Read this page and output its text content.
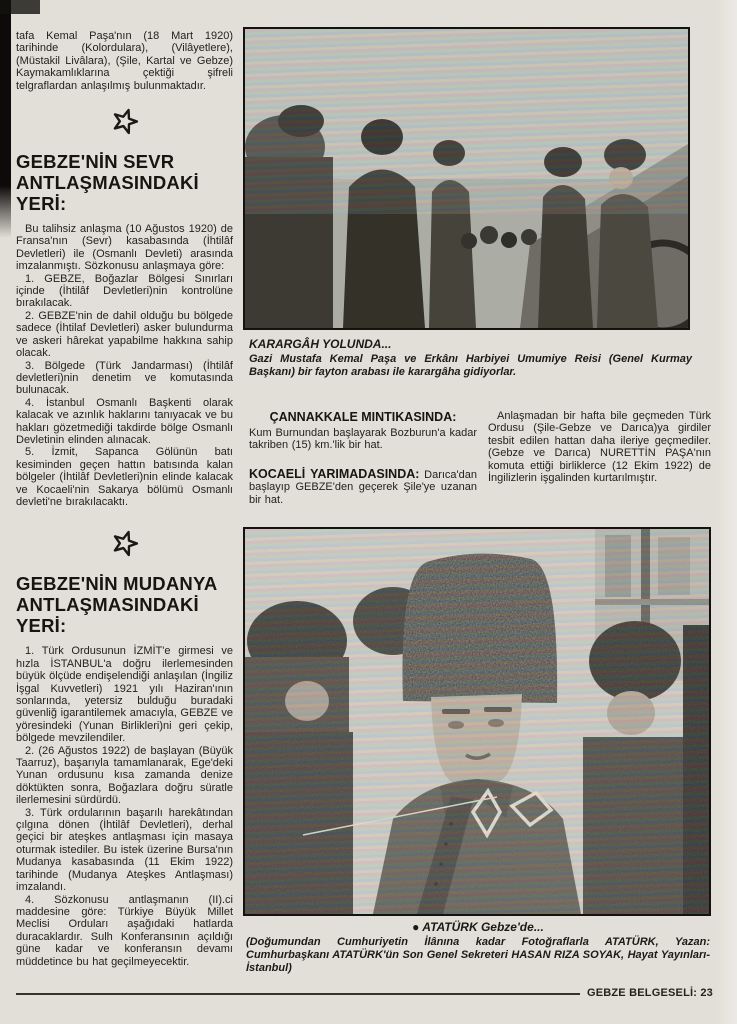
tafa Kemal Paşa'nın (18 Mart 1920) tarihinde (Kolordulara), (Vilâyetlere), (Müstakil Livâlara), (Şile, Kartal ve Gebze) Kaymakamlıklarına çektiği şifreli telgraflardan anlaşılmış bulunmaktadır.

GEBZE'NİN SEVR ANTLAŞMASINDAKİ YERİ:

Bu talihsiz anlaşma (10 Ağustos 1920) de Fransa'nın (Sevr) kasabasında (İhtilâf Devletleri) ile (Osmanlı Devleti) arasında imzalanmıştı. Sözkonusu anlaşmaya göre:

1. GEBZE, Boğazlar Bölgesi Sınırları içinde (İhtilâf Devletleri)nin kontrolüne bırakılacak.

2. GEBZE'nin de dahil olduğu bu bölgede sadece (İhtilaf Devletleri) asker bulundurma ve askeri hârekat yapabilme hakkına sahip olacak.

3. Bölgede (Türk Jandarması) (İhtilâf devletleri)nin denetim ve komutasında bulunacak.

4. İstanbul Osmanlı Başkenti olarak kalacak ve azınlık haklarını tanıyacak ve bu hakları gözetmediği takdirde bölge Osmanlı Devletinin elinden alınacak.

5. İzmit, Sapanca Gölünün batı kesiminden geçen hattın batısında kalan bölgeler (İhtilâf Devletleri)nin elinde kalacak ve Kocaeli'nin Sakarya bölümü Osmanlı devleti'ne bırakılacaktı.

GEBZE'NİN MUDANYA ANTLAŞMASINDAKİ YERİ:

1. Türk Ordusunun İZMİT'e girmesi ve hızla İSTANBUL'a doğru ilerlemesinden büyük ölçüde endişelendiği anlaşılan (İngiliz İşgal Kuvvetleri) 1921 yılı Haziran'ının sonlarında, yetersiz bulduğu buradaki güvenliğ igarantilemek amacıyla, GEBZE ve yöresindeki (Yunan Birlikleri)ni geri çekip, bölgede mevzilendiler.

2. (26 Ağustos 1922) de başlayan (Büyük Taarruz), başarıyla tamamlanarak, Ege'deki Yunan ordusunu kısa zamanda denize döktükten sonra, Boğazlara doğru süratle ilerlemesini sürdürdü.

3. Türk ordularının başarılı harekâtından çılgına dönen (İhtilâf Devletleri), derhal geçici bir ateşkes antlaşması için masaya oturmak istediler. Bu istek üzerine Bursa'nın Mudanya kasabasında (11 Ekim 1922) tarihinde (Mudanya Ateşkes Antlaşması) imzalandı.

4. Sözkonusu antlaşmanın (II).ci maddesine göre: Türkiye Büyük Millet Meclisi Orduları aşağıdaki hatlarda duracaklardır. Sulh Konferansının açıldığı güne kadar ve konferansın devamı müddetince bu hat geçilmeyecektir.

KARARGÂH YOLUNDA...

Gazi Mustafa Kemal Paşa ve Erkânı Harbiyei Umumiye Reisi (Genel Kurmay Başkanı) bir fayton arabası ile karargâha gidiyorlar.

ÇANNAKKALE MINTIKASINDA:

Kum Burnundan başlayarak Bozburun'a kadar takriben (15) km.'lik bir hat.

KOCAELİ YARIMADASINDA: Darıca'dan başlayıp GEBZE'den geçerek Şile'ye uzanan bir hat.

Anlaşmadan bir hafta bile geçmeden Türk Ordusu (Şile-Gebze ve Darıca)ya girdiler tesbit edilen hattan daha ileriye geçmediler. (Gebze ve Darıca) NURETTİN PAŞA'nın komuta ettiği birliklerce (12 Ekim 1922) de İngilizlerin işgalinden kurtarılmıştır.

● ATATÜRK Gebze'de...

(Doğumundan Cumhuriyetin İlânına kadar Fotoğraflarla ATATÜRK, Yazan: Cumhurbaşkanı ATATÜRK'ün Son Genel Sekreteri HASAN RIZA SOYAK, Hayat Yayınları-İstanbul)

GEBZE BELGESELİ: 23
